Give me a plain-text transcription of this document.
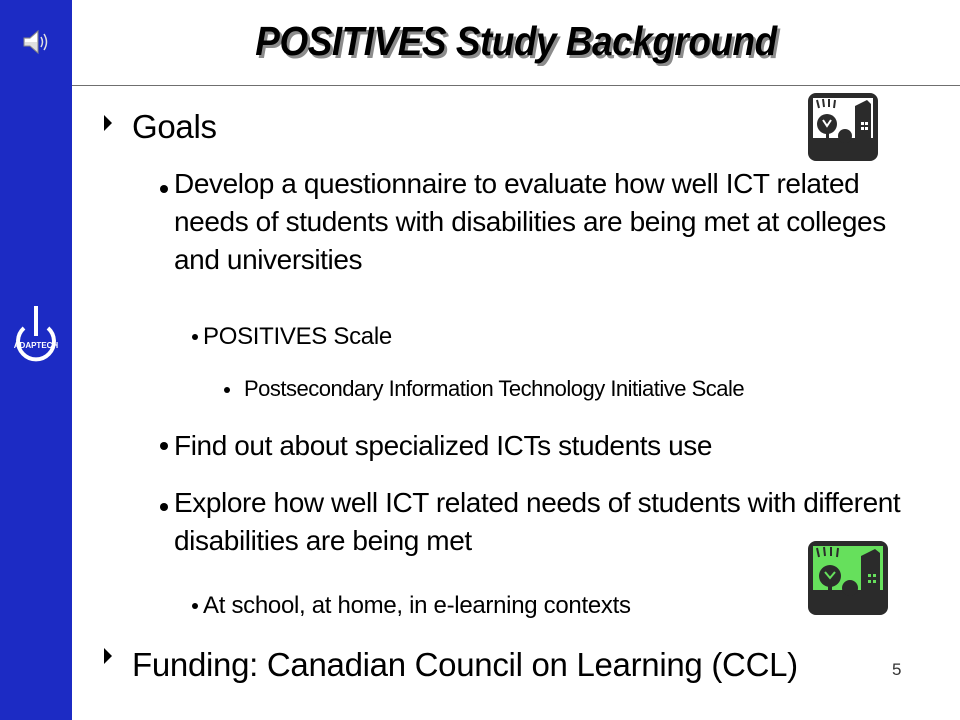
ADAPTECH
POSITIVES Study Background
Goals
Develop a questionnaire to evaluate how well ICT related needs of students with disabilities are being met at colleges and universities
POSITIVES Scale
Postsecondary Information Technology Initiative Scale
Find out about specialized ICTs students use
Explore how well ICT related needs of students with different disabilities are being met
At school, at home, in e-learning contexts
Funding: Canadian Council on Learning (CCL)	5
